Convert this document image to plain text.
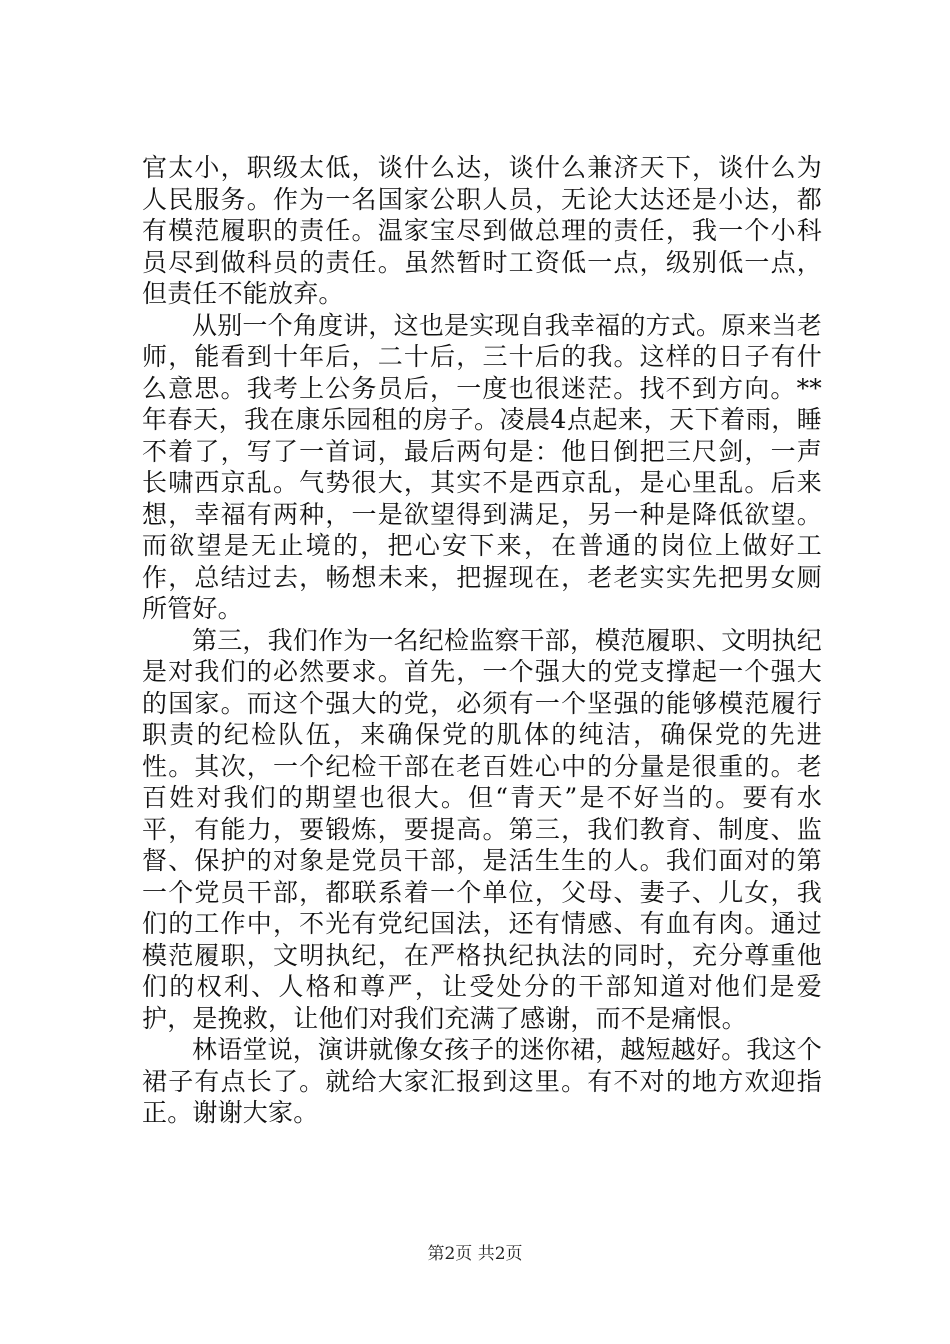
官太小，职级太低，谈什么达，谈什么兼济天下，谈什么为人民服务。作为一名国家公职人员，无论大达还是小达，都有模范履职的责任。温家宝尽到做总理的责任，我一个小科员尽到做科员的责任。虽然暂时工资低一点，级别低一点，但责任不能放弃。

从别一个角度讲，这也是实现自我幸福的方式。原来当老师，能看到十年后，二十后，三十后的我。这样的日子有什么意思。我考上公务员后，一度也很迷茫。找不到方向。**年春天，我在康乐园租的房子。凌晨4点起来，天下着雨，睡不着了，写了一首词，最后两句是：他日倒把三尺剑，一声长啸西京乱。气势很大，其实不是西京乱，是心里乱。后来想，幸福有两种，一是欲望得到满足，另一种是降低欲望。而欲望是无止境的，把心安下来，在普通的岗位上做好工作，总结过去，畅想未来，把握现在，老老实实先把男女厕所管好。

第三，我们作为一名纪检监察干部，模范履职、文明执纪是对我们的必然要求。首先，一个强大的党支撑起一个强大的国家。而这个强大的党，必须有一个坚强的能够模范履行职责的纪检队伍，来确保党的肌体的纯洁，确保党的先进性。其次，一个纪检干部在老百姓心中的分量是很重的。老百姓对我们的期望也很大。但“青天”是不好当的。要有水平，有能力，要锻炼，要提高。第三，我们教育、制度、监督、保护的对象是党员干部，是活生生的人。我们面对的第一个党员干部，都联系着一个单位，父母、妻子、儿女，我们的工作中，不光有党纪国法，还有情感、有血有肉。通过模范履职，文明执纪，在严格执纪执法的同时，充分尊重他们的权利、人格和尊严，让受处分的干部知道对他们是爱护，是挽救，让他们对我们充满了感谢，而不是痛恨。

林语堂说，演讲就像女孩子的迷你裙，越短越好。我这个裙子有点长了。就给大家汇报到这里。有不对的地方欢迎指正。谢谢大家。

第2页 共2页
